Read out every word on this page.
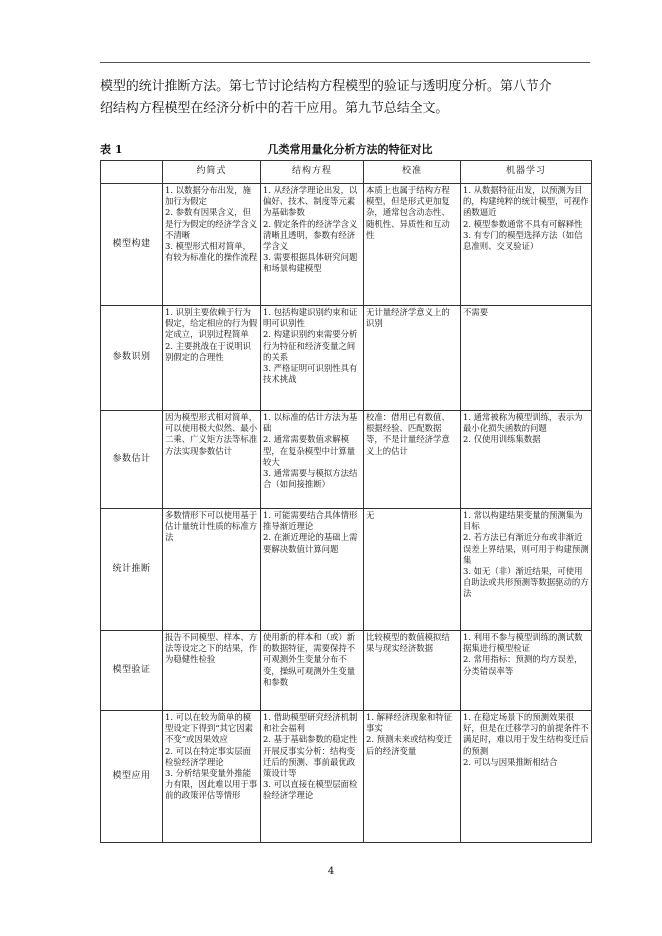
模型的统计推断方法。第七节讨论结构方程模型的验证与透明度分析。第八节介

绍结构方程模型在经济分析中的若干应用。第九节总结全文。

表 1	几类常用量化分析方法的特征对比
	约简式	结构方程	校准	机器学习
模型构建	1. 以数据分布出发，施加行为假定
2. 参数有因果含义，但是行为假定的经济学含义不清晰
3. 模型形式相对简单，有较为标准化的操作流程	1. 从经济学理论出发，以偏好、技术、制度等元素为基础参数
2. 假定条件的经济学含义清晰且透明，参数有经济学含义
3. 需要根据具体研究问题和场景构建模型	本质上也属于结构方程模型，但是形式更加复杂，通常包含动态性、随机性、异质性和互动性	1. 从数据特征出发，以预测为目的，构建纯粹的统计模型，可视作函数逼近
2. 模型参数通常不具有可解释性
3. 有专门的模型选择方法（如信息准则、交叉验证）

参数识别	1. 识别主要依赖于行为假定，给定相应的行为假定成立，识别过程简单
2. 主要挑战在于说明识别假定的合理性	1. 包括构建识别约束和证明可识别性
2. 构建识别约束需要分析行为特征和经济变量之间的关系
3. 严格证明可识别性具有技术挑战	无计量经济学意义上的识别	不需要

参数估计	因为模型形式相对简单，可以使用极大似然、最小二乘、广义矩方法等标准方法实现参数估计	1. 以标准的估计方法为基础
2. 通常需要数值求解模型，在复杂模型中计算量较大
3. 通常需要与模拟方法结合（如间接推断）	校准：借用已有数值、根据经验、匹配数据等，不是计量经济学意义上的估计	1. 通常被称为模型训练，表示为最小化损失函数的问题
2. 仅使用训练集数据

统计推断	多数情形下可以使用基于估计量统计性质的标准方法	1. 可能需要结合具体情形推导渐近理论
2. 在渐近理论的基础上需要解决数值计算问题	无	1. 常以构建结果变量的预测集为目标
2. 若方法已有渐近分布或非渐近误差上界结果，则可用于构建预测集
3. 如无（非）渐近结果，可使用自助法或共形预测等数据驱动的方法

模型验证	报告不同模型、样本、方法等设定之下的结果，作为稳健性检验	使用新的样本和（或）新的数据特征，需要保持不可观测外生变量分布不变，操纵可观测外生变量和参数	比较模型的数值模拟结果与现实经济数据	1. 利用不参与模型训练的测试数据集进行模型检证
2. 常用指标：预测的均方误差，分类错误率等

模型应用	1. 可以在较为简单的模型设定下得到“其它因素不变”或因果效应
2. 可以在特定事实层面检验经济学理论
3. 分析结果变量外推能力有限，因此难以用于事前的政策评估等情形	1. 借助模型研究经济机制和社会福利
2. 基于基础参数的稳定性开展反事实分析：结构变迁后的预测、事前最优政策设计等
3. 可以直接在模型层面检验经济学理论	1. 解释经济现象和特征事实
2. 预测未来或结构变迁后的经济变量	1. 在稳定场景下的预测效果很好，但是在迁移学习的前提条件不满足时，难以用于发生结构变迁后的预测
2. 可以与因果推断相结合
4
